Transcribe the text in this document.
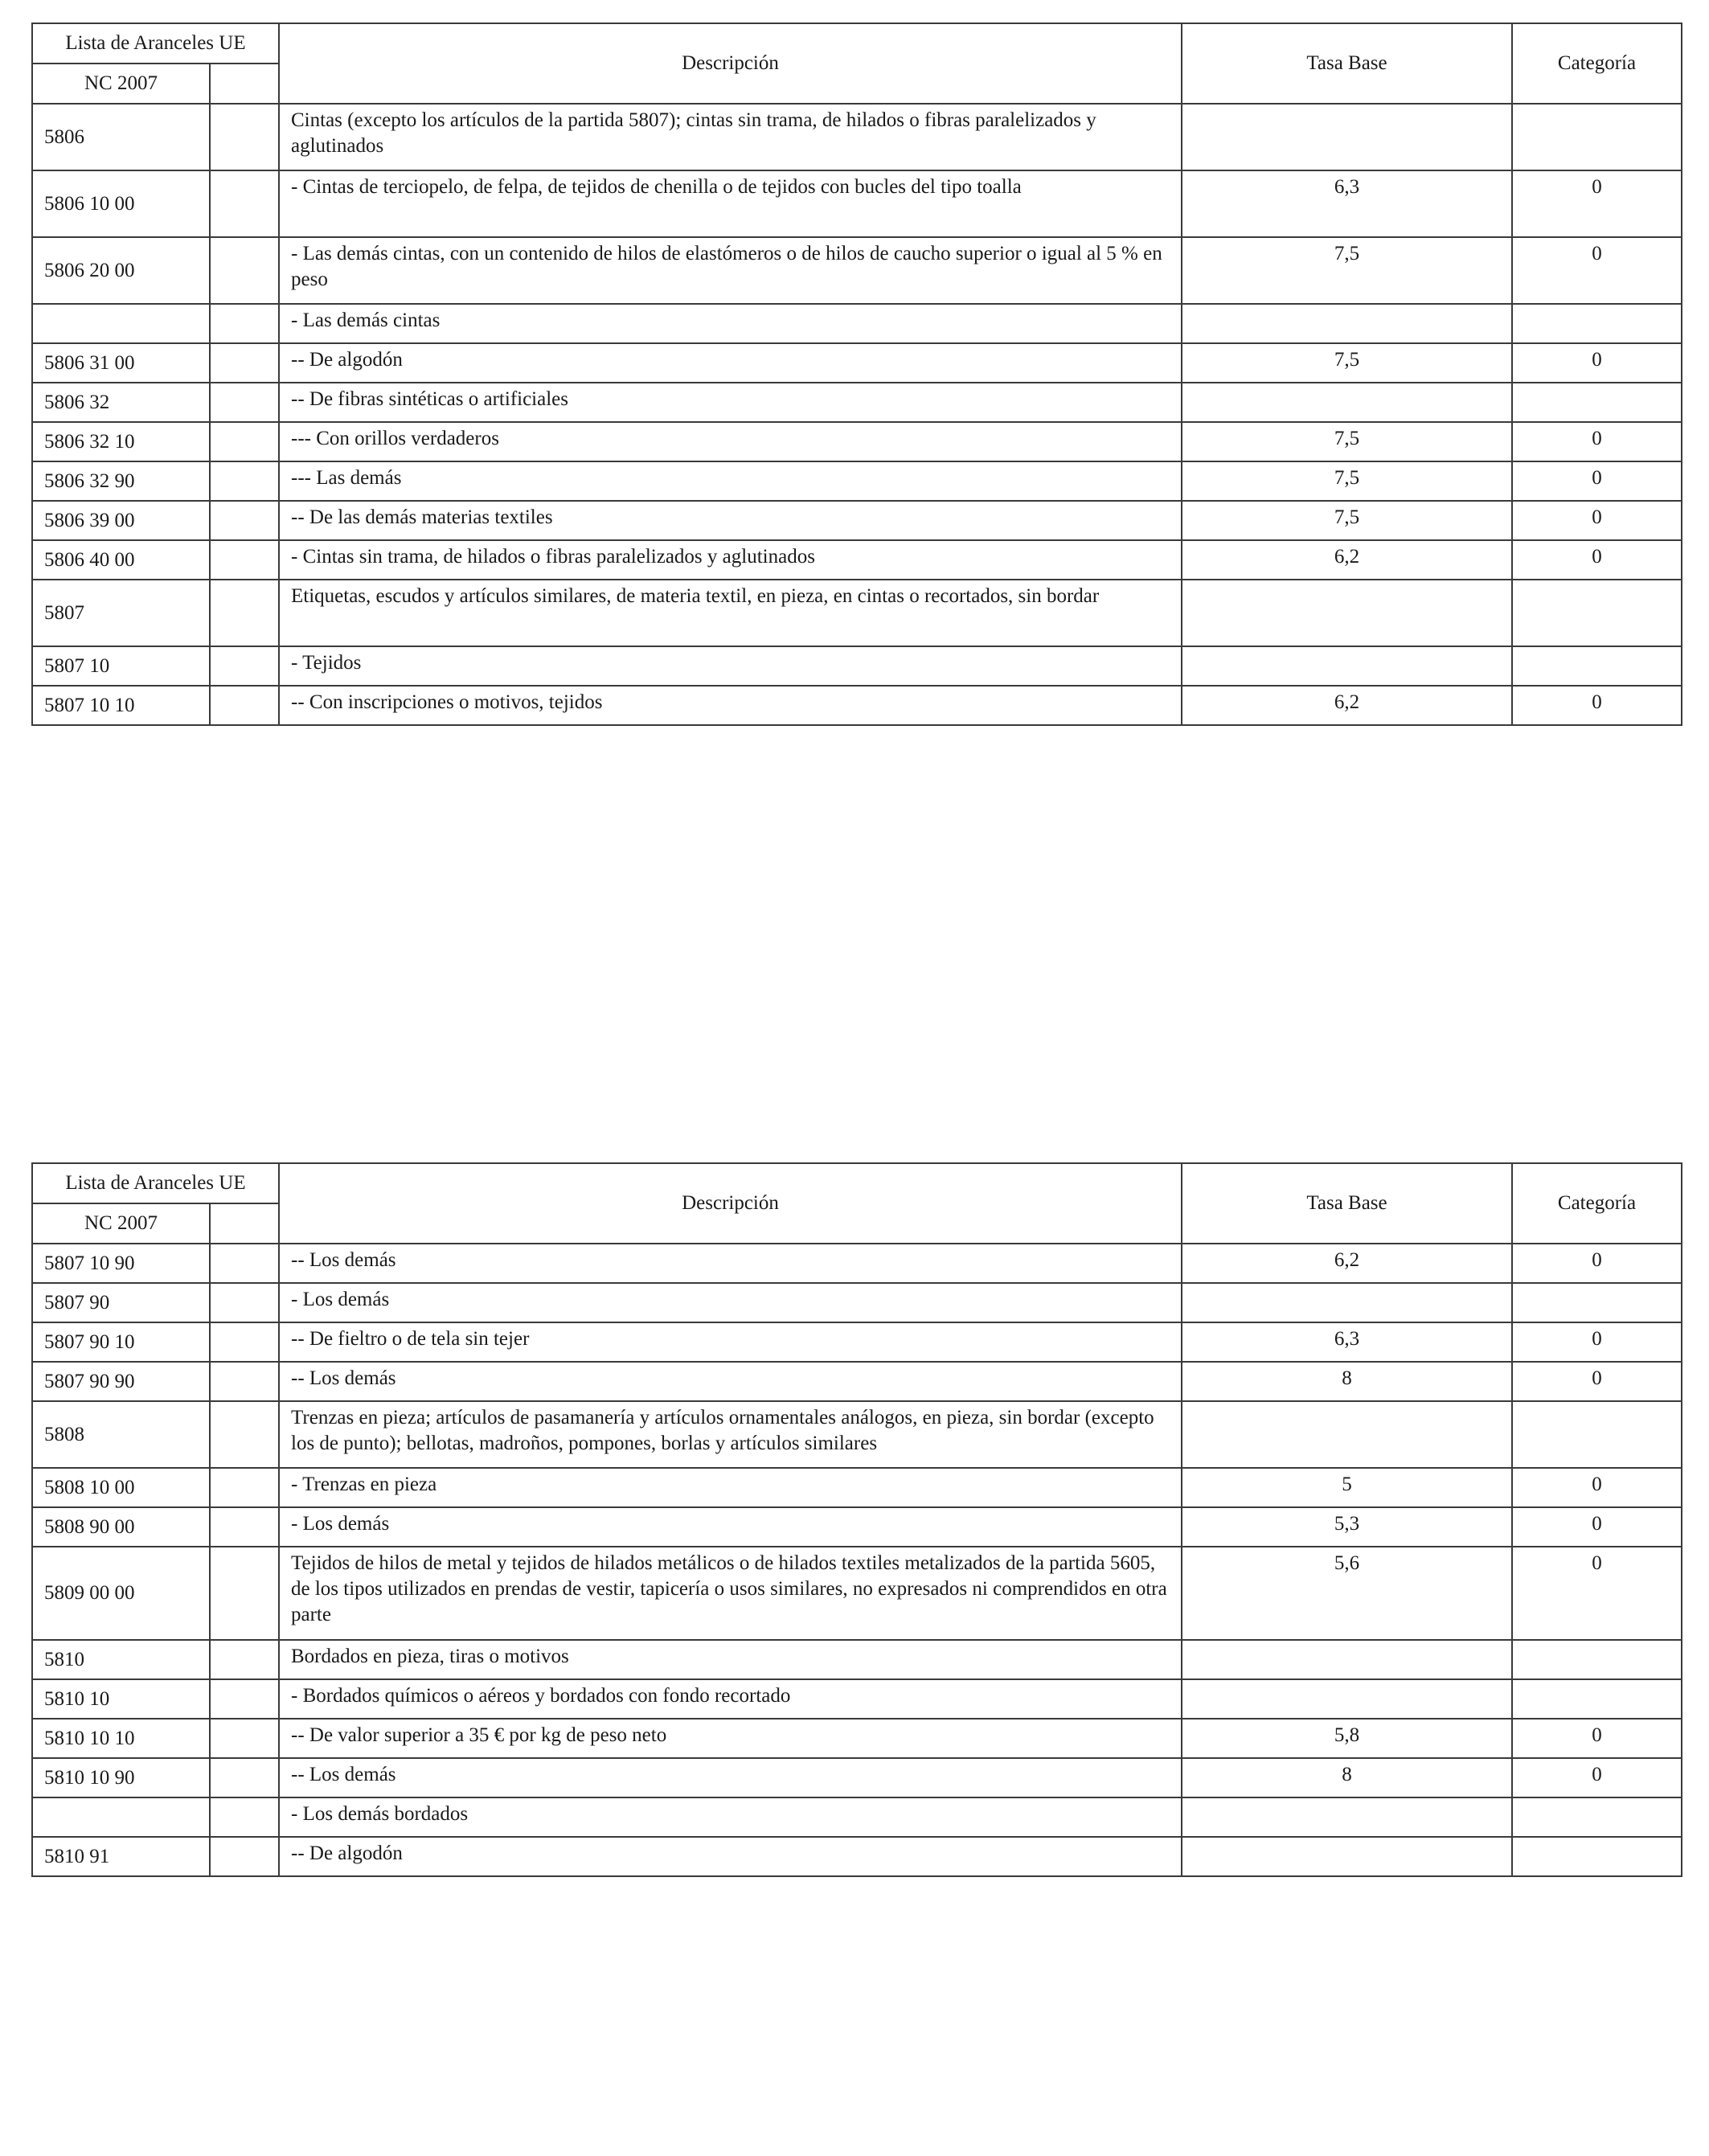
Lista de Aranceles UE		Descripción	Tasa Base	Categoría
NC 2007				
5806		Cintas (excepto los artículos de la partida 5807); cintas sin trama, de hilados o fibras paralelizados y aglutinados		
5806 10 00		- Cintas de terciopelo, de felpa, de tejidos de chenilla o de tejidos con bucles del tipo toalla	6,3	0
5806 20 00		- Las demás cintas, con un contenido de hilos de elastómeros o de hilos de caucho superior o igual al 5 % en peso	7,5	0
		- Las demás cintas		
5806 31 00		-- De algodón	7,5	0
5806 32		-- De fibras sintéticas o artificiales		
5806 32 10		--- Con orillos verdaderos	7,5	0
5806 32 90		--- Las demás	7,5	0
5806 39 00		-- De las demás materias textiles	7,5	0
5806 40 00		- Cintas sin trama, de hilados o fibras paralelizados y aglutinados	6,2	0
5807		Etiquetas, escudos y artículos similares, de materia textil, en pieza, en cintas o recortados, sin bordar		
5807 10		- Tejidos		
5807 10 10		-- Con inscripciones o motivos, tejidos	6,2	0
Lista de Aranceles UE		Descripción	Tasa Base	Categoría
NC 2007				
5807 10 90		-- Los demás	6,2	0
5807 90		- Los demás		
5807 90 10		-- De fieltro o de tela sin tejer	6,3	0
5807 90 90		-- Los demás	8	0
5808		Trenzas en pieza; artículos de pasamanería y artículos ornamentales análogos, en pieza, sin bordar (excepto los de punto); bellotas, madroños, pompones, borlas y artículos similares		
5808 10 00		- Trenzas en pieza	5	0
5808 90 00		- Los demás	5,3	0
5809 00 00		Tejidos de hilos de metal y tejidos de hilados metálicos o de hilados textiles metalizados de la partida 5605, de los tipos utilizados en prendas de vestir, tapicería o usos similares, no expresados ni comprendidos en otra parte	5,6	0
5810		Bordados en pieza, tiras o motivos		
5810 10		- Bordados químicos o aéreos y bordados con fondo recortado		
5810 10 10		-- De valor superior a 35 € por kg de peso neto	5,8	0
5810 10 90		-- Los demás	8	0
		- Los demás bordados		
5810 91		-- De algodón		
